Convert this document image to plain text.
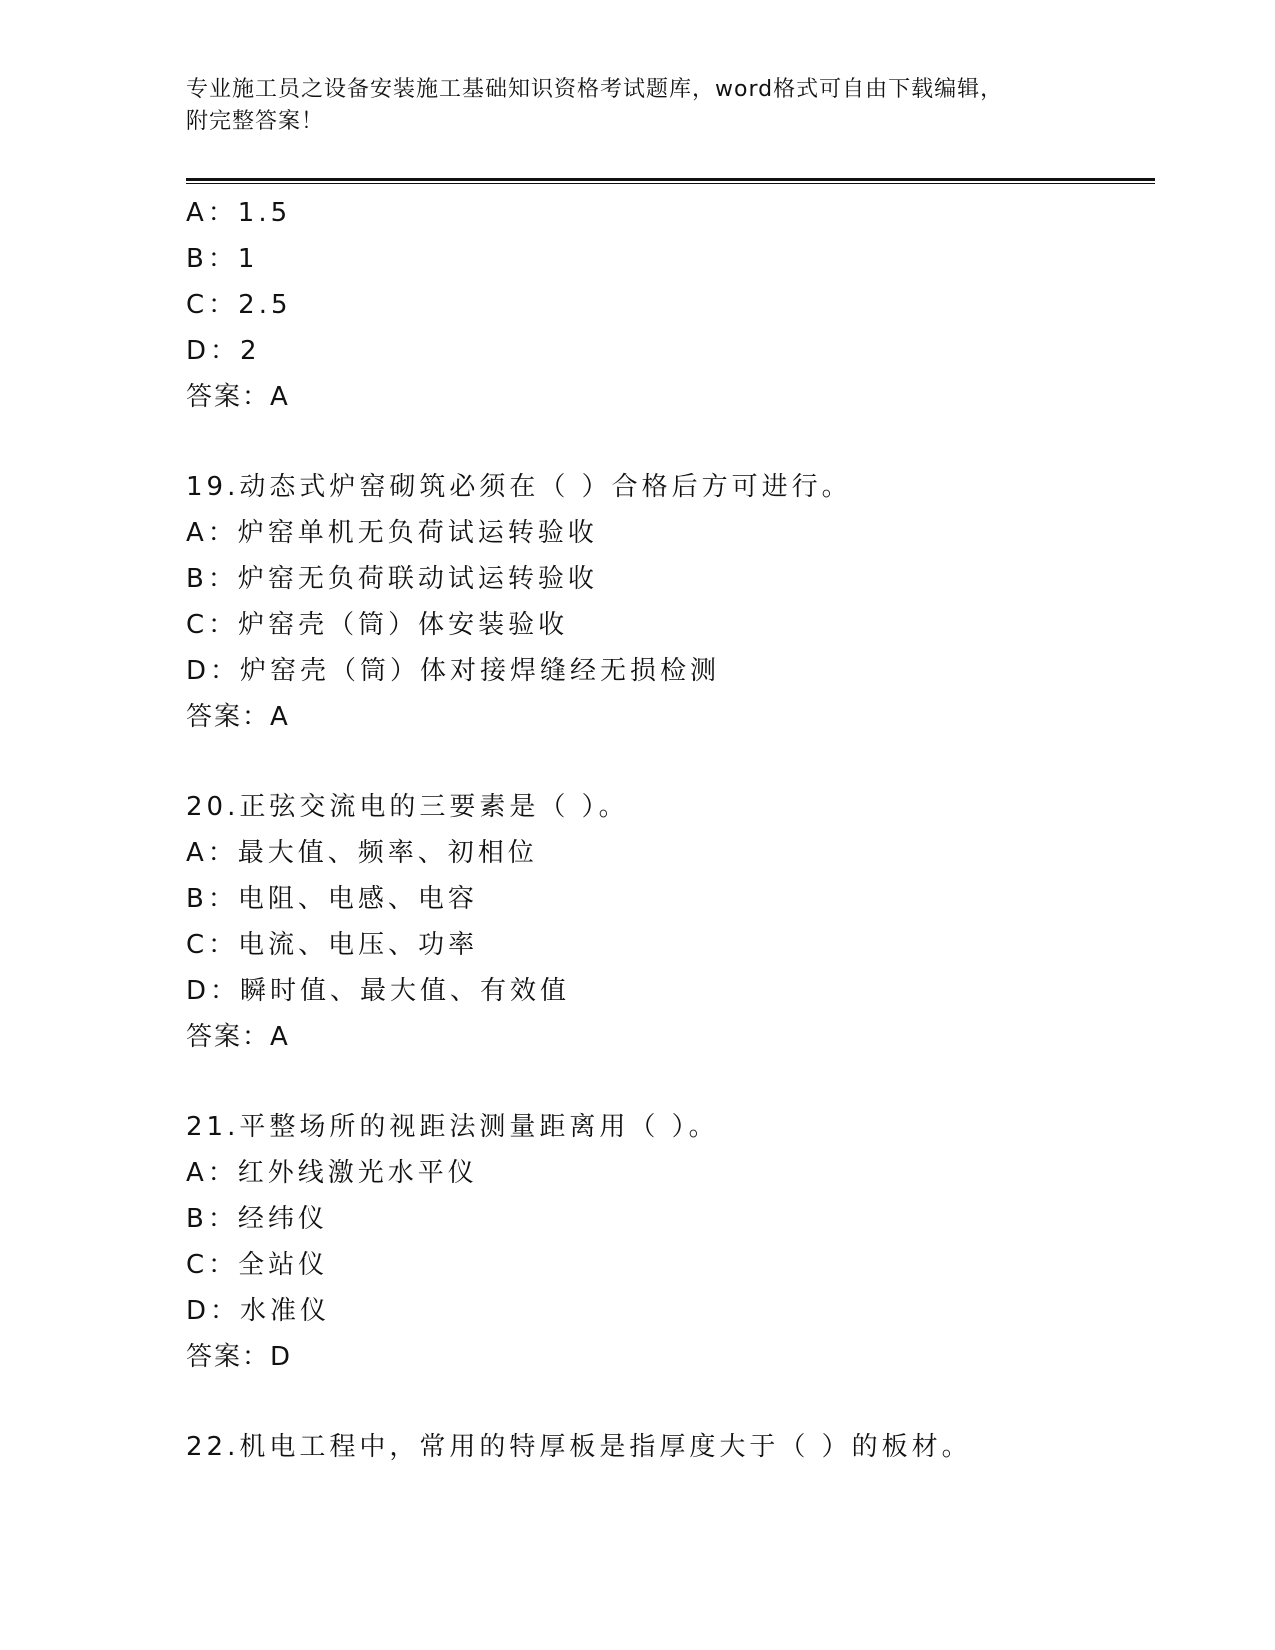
专业施工员之设备安装施工基础知识资格考试题库，word格式可自由下载编辑，
附完整答案！
A：1.5
B：1
C：2.5
D：2
答案：A
19.动态式炉窑砌筑必须在（ ）合格后方可进行。
A：炉窑单机无负荷试运转验收
B：炉窑无负荷联动试运转验收
C：炉窑壳（筒）体安装验收
D：炉窑壳（筒）体对接焊缝经无损检测
答案：A
20.正弦交流电的三要素是（ ）。
A：最大值、频率、初相位
B：电阻、电感、电容
C：电流、电压、功率
D：瞬时值、最大值、有效值
答案：A
21.平整场所的视距法测量距离用（ ）。
A：红外线激光水平仪
B：经纬仪
C：全站仪
D：水准仪
答案：D
22.机电工程中，常用的特厚板是指厚度大于（ ）的板材。
